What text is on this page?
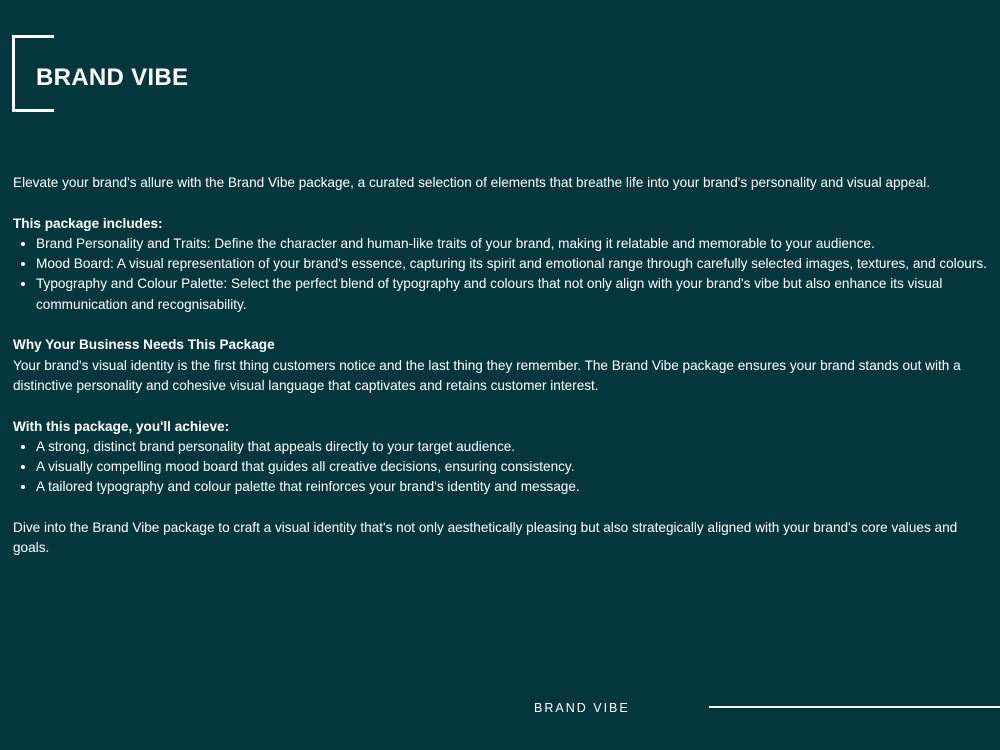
BRAND VIBE

Elevate your brand's allure with the Brand Vibe package, a curated selection of elements that breathe life into your brand's personality and visual appeal.

This package includes:

• Brand Personality and Traits: Define the character and human-like traits of your brand, making it relatable and memorable to your audience.
• Mood Board: A visual representation of your brand's essence, capturing its spirit and emotional range through carefully selected images, textures, and colours.
• Typography and Colour Palette: Select the perfect blend of typography and colours that not only align with your brand's vibe but also enhance its visual communication and recognisability.

Why Your Business Needs This Package

Your brand's visual identity is the first thing customers notice and the last thing they remember. The Brand Vibe package ensures your brand stands out with a distinctive personality and cohesive visual language that captivates and retains customer interest.

With this package, you'll achieve:

• A strong, distinct brand personality that appeals directly to your target audience.
• A visually compelling mood board that guides all creative decisions, ensuring consistency.
• A tailored typography and colour palette that reinforces your brand's identity and message.

Dive into the Brand Vibe package to craft a visual identity that's not only aesthetically pleasing but also strategically aligned with your brand's core values and goals.

BRAND VIBE
